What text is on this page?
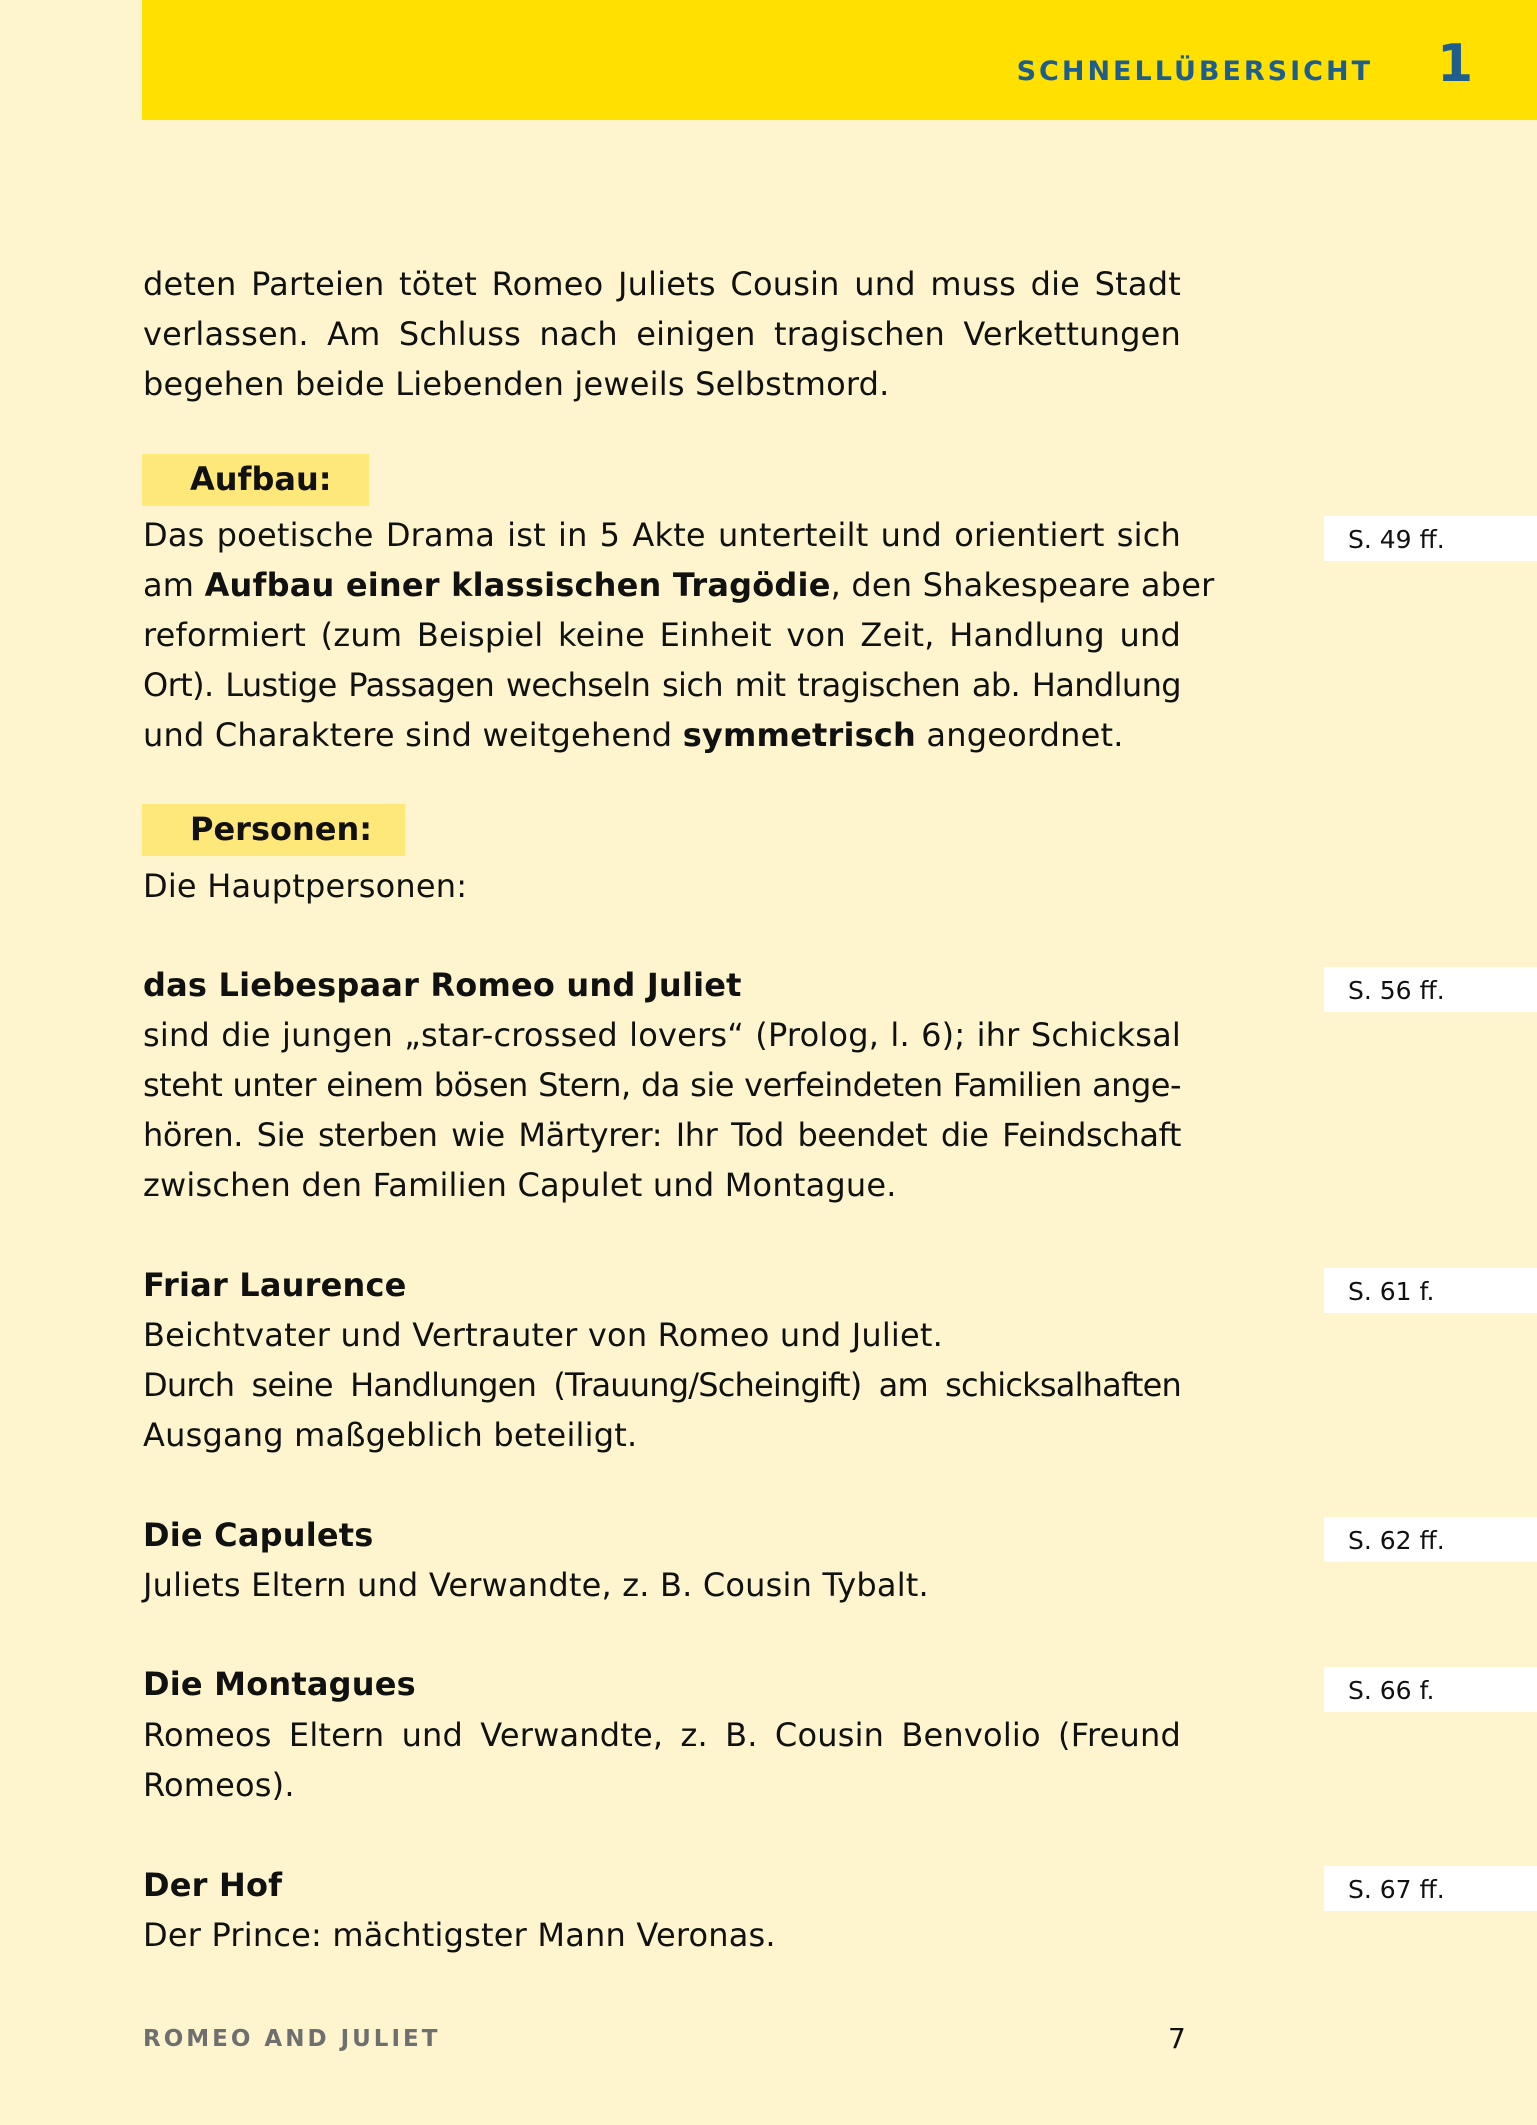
SCHNELLÜBERSICHT 1
deten Parteien tötet Romeo Juliets Cousin und muss die Stadt
verlassen. Am Schluss nach einigen tragischen Verkettungen
begehen beide Liebenden jeweils Selbstmord.
Aufbau:
S. 49 ff.
Das poetische Drama ist in 5 Akte unterteilt und orientiert sich
am Aufbau einer klassischen Tragödie, den Shakespeare aber
reformiert (zum Beispiel keine Einheit von Zeit, Handlung und
Ort). Lustige Passagen wechseln sich mit tragischen ab. Handlung
und Charaktere sind weitgehend symmetrisch angeordnet.
Personen:
Die Hauptpersonen:
das Liebespaar Romeo und Juliet	S. 56 ff.
sind die jungen „star-crossed lovers“ (Prolog, l. 6); ihr Schicksal
steht unter einem bösen Stern, da sie verfeindeten Familien ange-
hören. Sie sterben wie Märtyrer: Ihr Tod beendet die Feindschaft
zwischen den Familien Capulet und Montague.
Friar Laurence	S. 61 f.
Beichtvater und Vertrauter von Romeo und Juliet.
Durch seine Handlungen (Trauung/Scheingift) am schicksalhaften
Ausgang maßgeblich beteiligt.
Die Capulets	S. 62 ff.
Juliets Eltern und Verwandte, z. B. Cousin Tybalt.
Die Montagues	S. 66 f.
Romeos Eltern und Verwandte, z. B. Cousin Benvolio (Freund
Romeos).
Der Hof	S. 67 ff.
Der Prince: mächtigster Mann Veronas.
ROMEO AND JULIET	7
